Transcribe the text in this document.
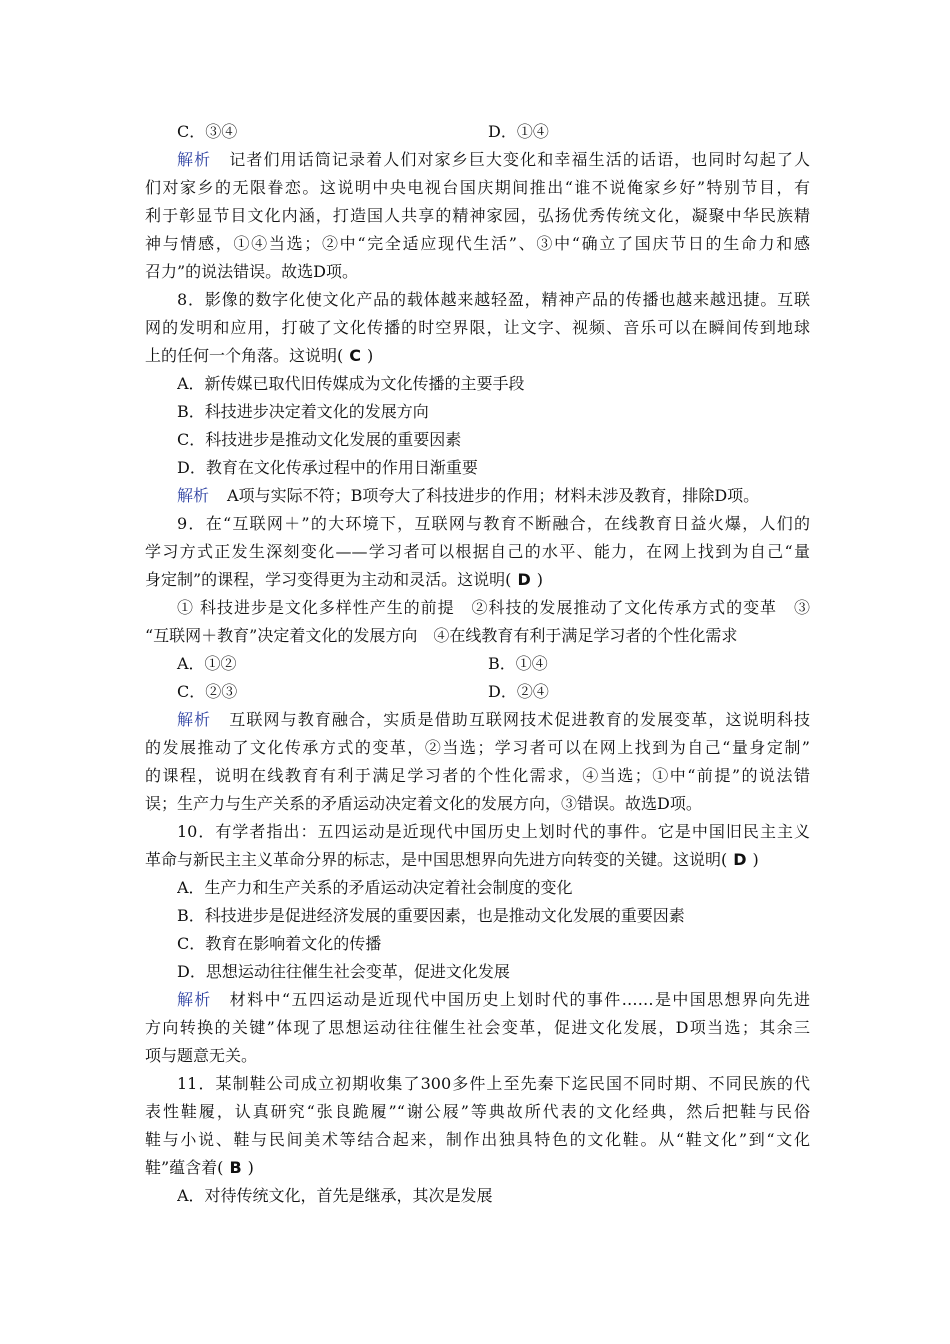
C．③④	D．①④
解析 记者们用话筒记录着人们对家乡巨大变化和幸福生活的话语，也同时勾起了人
们对家乡的无限眷恋。这说明中央电视台国庆期间推出“谁不说俺家乡好”特别节目，有
利于彰显节目文化内涵，打造国人共享的精神家园，弘扬优秀传统文化，凝聚中华民族精
神与情感，①④当选；②中“完全适应现代生活”、③中“确立了国庆节日的生命力和感
召力”的说法错误。故选D项。
8．影像的数字化使文化产品的载体越来越轻盈，精神产品的传播也越来越迅捷。互联
网的发明和应用，打破了文化传播的时空界限，让文字、视频、音乐可以在瞬间传到地球
上的任何一个角落。这说明( C )
A．新传媒已取代旧传媒成为文化传播的主要手段
B．科技进步决定着文化的发展方向
C．科技进步是推动文化发展的重要因素
D．教育在文化传承过程中的作用日渐重要
解析 A项与实际不符；B项夸大了科技进步的作用；材料未涉及教育，排除D项。
9．在“互联网＋”的大环境下，互联网与教育不断融合，在线教育日益火爆，人们的
学习方式正发生深刻变化——学习者可以根据自己的水平、能力，在网上找到为自己“量
身定制”的课程，学习变得更为主动和灵活。这说明( D )
① 科技进步是文化多样性产生的前提　②科技的发展推动了文化传承方式的变革　③
“互联网＋教育”决定着文化的发展方向　④在线教育有利于满足学习者的个性化需求
A．①②	B．①④
C．②③	D．②④
解析 互联网与教育融合，实质是借助互联网技术促进教育的发展变革，这说明科技
的发展推动了文化传承方式的变革，②当选；学习者可以在网上找到为自己“量身定制”
的课程，说明在线教育有利于满足学习者的个性化需求，④当选；①中“前提”的说法错
误；生产力与生产关系的矛盾运动决定着文化的发展方向，③错误。故选D项。
10．有学者指出：五四运动是近现代中国历史上划时代的事件。它是中国旧民主主义
革命与新民主主义革命分界的标志，是中国思想界向先进方向转变的关键。这说明( D )
A．生产力和生产关系的矛盾运动决定着社会制度的变化
B．科技进步是促进经济发展的重要因素，也是推动文化发展的重要因素
C．教育在影响着文化的传播
D．思想运动往往催生社会变革，促进文化发展
解析 材料中“五四运动是近现代中国历史上划时代的事件……是中国思想界向先进
方向转换的关键”体现了思想运动往往催生社会变革，促进文化发展，D项当选；其余三
项与题意无关。
11．某制鞋公司成立初期收集了300多件上至先秦下迄民国不同时期、不同民族的代
表性鞋履，认真研究“张良跪履”“谢公屐”等典故所代表的文化经典，然后把鞋与民俗
鞋与小说、鞋与民间美术等结合起来，制作出独具特色的文化鞋。从“鞋文化”到“文化
鞋”蕴含着( B )
A．对待传统文化，首先是继承，其次是发展
